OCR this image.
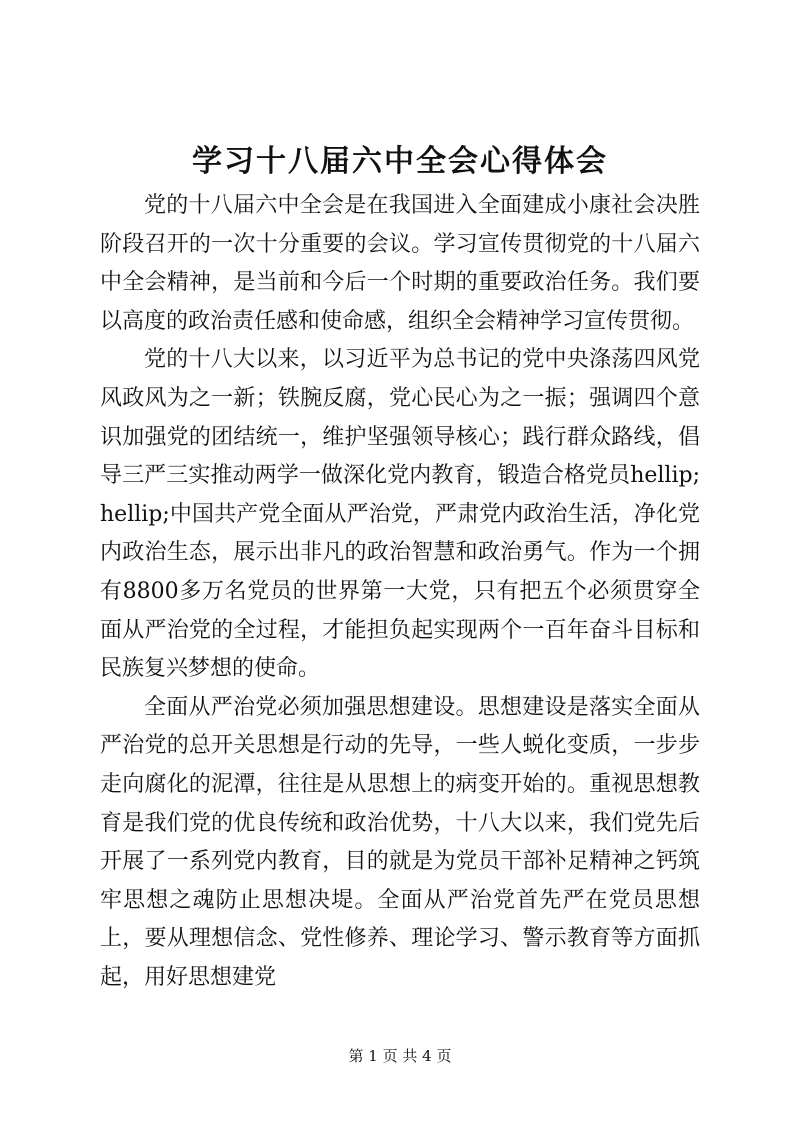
学习十八届六中全会心得体会

党的十八届六中全会是在我国进入全面建成小康社会决胜阶段召开的一次十分重要的会议。学习宣传贯彻党的十八届六中全会精神，是当前和今后一个时期的重要政治任务。我们要以高度的政治责任感和使命感，组织全会精神学习宣传贯彻。

党的十八大以来，以习近平为总书记的党中央涤荡四风党风政风为之一新；铁腕反腐，党心民心为之一振；强调四个意识加强党的团结统一，维护坚强领导核心；践行群众路线，倡导三严三实推动两学一做深化党内教育，锻造合格党员hellip;hellip;中国共产党全面从严治党，严肃党内政治生活，净化党内政治生态，展示出非凡的政治智慧和政治勇气。作为一个拥有8800多万名党员的世界第一大党，只有把五个必须贯穿全面从严治党的全过程，才能担负起实现两个一百年奋斗目标和民族复兴梦想的使命。

全面从严治党必须加强思想建设。思想建设是落实全面从严治党的总开关思想是行动的先导，一些人蜕化变质，一步步走向腐化的泥潭，往往是从思想上的病变开始的。重视思想教育是我们党的优良传统和政治优势，十八大以来，我们党先后开展了一系列党内教育，目的就是为党员干部补足精神之钙筑牢思想之魂防止思想决堤。全面从严治党首先严在党员思想上，要从理想信念、党性修养、理论学习、警示教育等方面抓起，用好思想建党

第 1 页 共 4 页
